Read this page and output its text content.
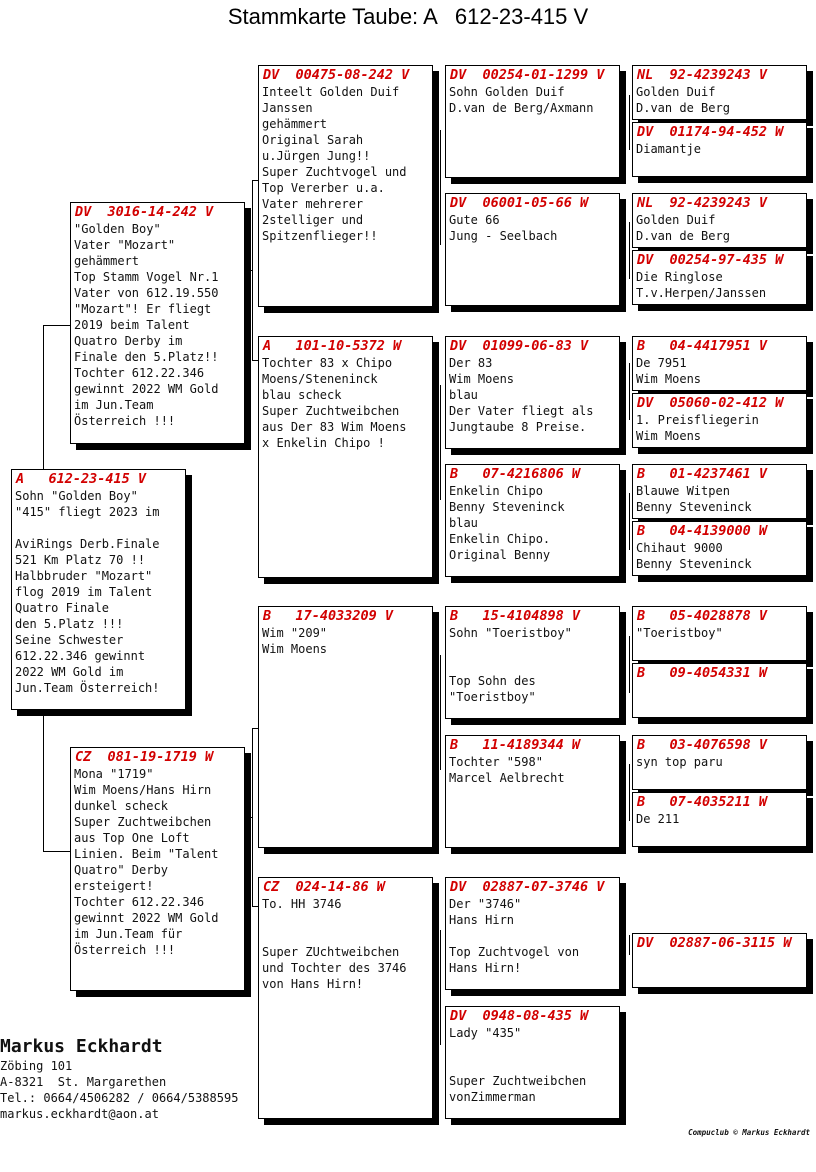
Stammkarte Taube: A   612-23-415 V
A   612-23-415 V
Sohn "Golden Boy"
"415" fliegt 2023 im
AviRings Derb.Finale
521 Km Platz 70 !!
Halbbruder "Mozart"
flog 2019 im Talent
Quatro Finale
den 5.Platz !!!
Seine Schwester
612.22.346 gewinnt
2022 WM Gold im
Jun.Team Österreich!
DV  3016-14-242 V
"Golden Boy"
Vater "Mozart"
gehämmert
Top Stamm Vogel Nr.1
Vater von 612.19.550
"Mozart"! Er fliegt
2019 beim Talent
Quatro Derby im
Finale den 5.Platz!!
Tochter 612.22.346
gewinnt 2022 WM Gold
im Jun.Team
Österreich !!!
CZ  081-19-1719 W
Mona "1719"
Wim Moens/Hans Hirn
dunkel scheck
Super Zuchtweibchen
aus Top One Loft
Linien. Beim "Talent
Quatro" Derby
ersteigert!
Tochter 612.22.346
gewinnt 2022 WM Gold
im Jun.Team für
Österreich !!!
DV  00475-08-242 V
Inteelt Golden Duif
Janssen
gehämmert
Original Sarah
u.Jürgen Jung!!
Super Zuchtvogel und
Top Vererber u.a.
Vater mehrerer
2stelliger und
Spitzenflieger!!
A   101-10-5372 W
Tochter 83 x Chipo
Moens/Steneninck
blau scheck
Super Zuchtweibchen
aus Der 83 Wim Moens
x Enkelin Chipo !
B   17-4033209 V
Wim "209"
Wim Moens
CZ  024-14-86 W
To. HH 3746
Super ZUchtweibchen
und Tochter des 3746
von Hans Hirn!
DV  00254-01-1299 V
Sohn Golden Duif
D.van de Berg/Axmann
DV  06001-05-66 W
Gute 66
Jung - Seelbach
DV  01099-06-83 V
Der 83
Wim Moens
blau
Der Vater fliegt als
Jungtaube 8 Preise.
B   07-4216806 W
Enkelin Chipo
Benny Steveninck
blau
Enkelin Chipo.
Original Benny
B   15-4104898 V
Sohn "Toeristboy"
Top Sohn des
"Toeristboy"
B   11-4189344 W
Tochter "598"
Marcel Aelbrecht
DV  02887-07-3746 V
Der "3746"
Hans Hirn
Top Zuchtvogel von
Hans Hirn!
DV  0948-08-435 W
Lady "435"
Super Zuchtweibchen
vonZimmerman
NL  92-4239243 V
Golden Duif
D.van de Berg
DV  01174-94-452 W
Diamantje
NL  92-4239243 V
Golden Duif
D.van de Berg
DV  00254-97-435 W
Die Ringlose
T.v.Herpen/Janssen
B   04-4417951 V
De 7951
Wim Moens
DV  05060-02-412 W
1. Preisfliegerin
Wim Moens
B   01-4237461 V
Blauwe Witpen
Benny Steveninck
B   04-4139000 W
Chihaut 9000
Benny Steveninck
B   05-4028878 V
"Toeristboy"
B   09-4054331 W
B   03-4076598 V
syn top paru
B   07-4035211 W
De 211
DV  02887-06-3115 W
Markus Eckhardt
Zöbing 101
A-8321  St. Margarethen
Tel.: 0664/4506282 / 0664/5388595
markus.eckhardt@aon.at
Compuclub © Markus Eckhardt
